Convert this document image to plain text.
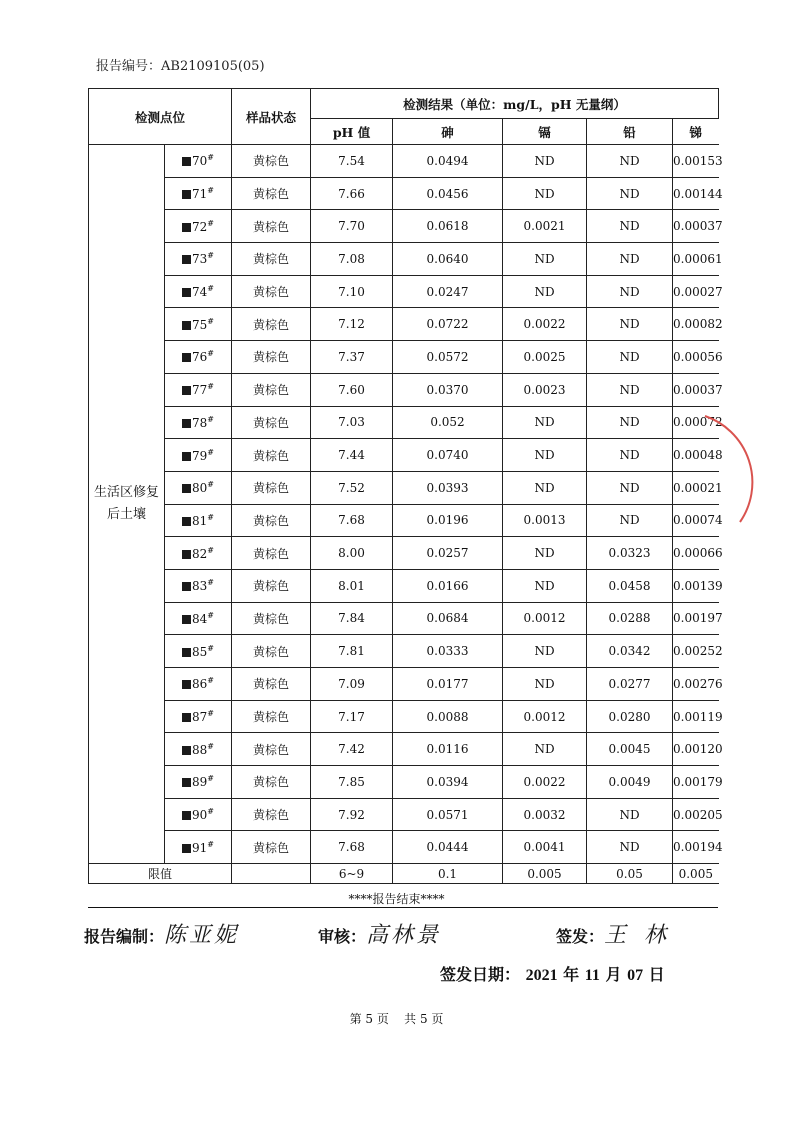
报告编号：AB2109105(05)
检测点位		样品状态	检测结果（单位：mg/L，pH 无量纲）				
			pH 值	砷	镉	铅	锑
生活区修复后土壤	70#	黄棕色	7.54	0.0494	ND	ND	0.00153
	71#	黄棕色	7.66	0.0456	ND	ND	0.00144
	72#	黄棕色	7.70	0.0618	0.0021	ND	0.00037
	73#	黄棕色	7.08	0.0640	ND	ND	0.00061
	74#	黄棕色	7.10	0.0247	ND	ND	0.00027
	75#	黄棕色	7.12	0.0722	0.0022	ND	0.00082
	76#	黄棕色	7.37	0.0572	0.0025	ND	0.00056
	77#	黄棕色	7.60	0.0370	0.0023	ND	0.00037
	78#	黄棕色	7.03	0.052	ND	ND	0.00072
	79#	黄棕色	7.44	0.0740	ND	ND	0.00048
	80#	黄棕色	7.52	0.0393	ND	ND	0.00021
	81#	黄棕色	7.68	0.0196	0.0013	ND	0.00074
	82#	黄棕色	8.00	0.0257	ND	0.0323	0.00066
	83#	黄棕色	8.01	0.0166	ND	0.0458	0.00139
	84#	黄棕色	7.84	0.0684	0.0012	0.0288	0.00197
	85#	黄棕色	7.81	0.0333	ND	0.0342	0.00252
	86#	黄棕色	7.09	0.0177	ND	0.0277	0.00276
	87#	黄棕色	7.17	0.0088	0.0012	0.0280	0.00119
	88#	黄棕色	7.42	0.0116	ND	0.0045	0.00120
	89#	黄棕色	7.85	0.0394	0.0022	0.0049	0.00179
	90#	黄棕色	7.92	0.0571	0.0032	ND	0.00205
	91#	黄棕色	7.68	0.0444	0.0041	ND	0.00194
限值			6~9	0.1	0.005	0.05	0.005
****报告结束****
报告编制：陈亚妮	审核：高林景	签发：王林
签发日期： 2021 年 11 月 07 日
第 5 页 共 5 页
